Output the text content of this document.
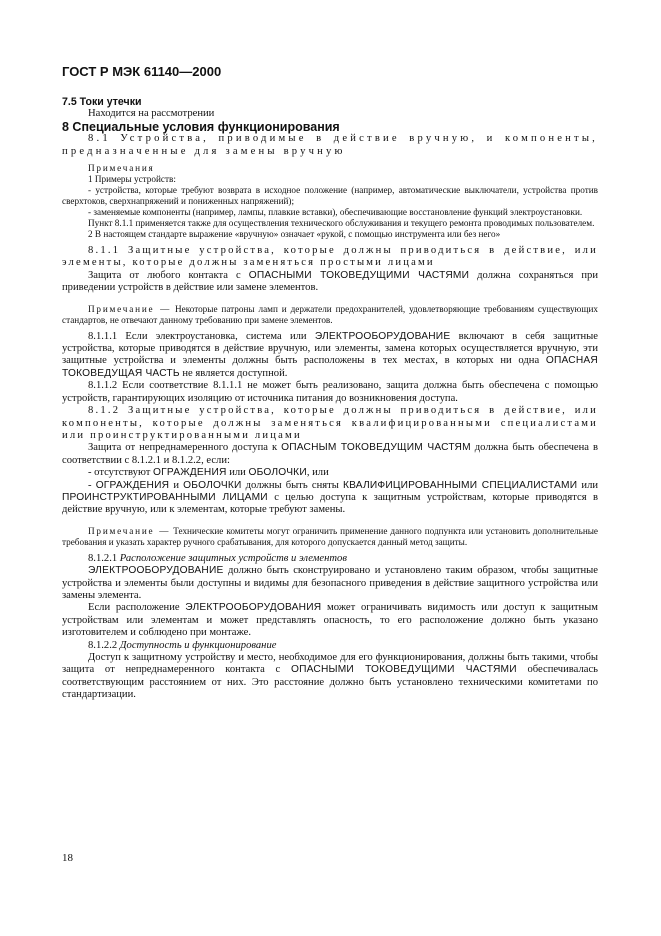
ГОСТ Р МЭК 61140—2000

7.5 Токи утечки

Находится на рассмотрении

8 Специальные условия функционирования

8.1 Устройства, приводимые в действие вручную, и компоненты, предназначенные для замены вручную

Примечания

1 Примеры устройств:

- устройства, которые требуют возврата в исходное положение (например, автоматические выключатели, устройства против сверхтоков, сверхнапряжений и пониженных напряжений);

- заменяемые компоненты (например, лампы, плавкие вставки), обеспечивающие восстановление функций электроустановки.

Пункт 8.1.1 применяется также для осуществления технического обслуживания и текущего ремонта проводимых пользователем.

2 В настоящем стандарте выражение «вручную» означает «рукой, с помощью инструмента или без него»

8.1.1 Защитные устройства, которые должны приводиться в действие, или элементы, которые должны заменяться простыми лицами

Защита от любого контакта с ОПАСНЫМИ ТОКОВЕДУЩИМИ ЧАСТЯМИ должна сохраняться при приведении устройств в действие или замене элементов.

Примечание — Некоторые патроны ламп и держатели предохранителей, удовлетворяющие требованиям существующих стандартов, не отвечают данному требованию при замене элементов.

8.1.1.1 Если электроустановка, система или ЭЛЕКТРООБОРУДОВАНИЕ включают в себя защитные устройства, которые приводятся в действие вручную, или элементы, замена которых осуществляется вручную, эти защитные устройства и элементы должны быть расположены в тех местах, в которых ни одна ОПАСНАЯ ТОКОВЕДУЩАЯ ЧАСТЬ не является доступной.

8.1.1.2 Если соответствие 8.1.1.1 не может быть реализовано, защита должна быть обеспечена с помощью устройств, гарантирующих изоляцию от источника питания до возникновения доступа.

8.1.2 Защитные устройства, которые должны приводиться в действие, или компоненты, которые должны заменяться квалифицированными специалистами или проинструктированными лицами

Защита от непреднамеренного доступа к ОПАСНЫМ ТОКОВЕДУЩИМ ЧАСТЯМ должна быть обеспечена в соответствии с 8.1.2.1 и 8.1.2.2, если:

- отсутствуют ОГРАЖДЕНИЯ или ОБОЛОЧКИ, или

- ОГРАЖДЕНИЯ и ОБОЛОЧКИ должны быть сняты КВАЛИФИЦИРОВАННЫМИ СПЕЦИАЛИСТАМИ или ПРОИНСТРУКТИРОВАННЫМИ ЛИЦАМИ с целью доступа к защитным устройствам, которые приводятся в действие вручную, или к элементам, которые требуют замены.

Примечание — Технические комитеты могут ограничить применение данного подпункта или установить дополнительные требования и указать характер ручного срабатывания, для которого допускается данный метод защиты.

8.1.2.1 Расположение защитных устройств и элементов

ЭЛЕКТРООБОРУДОВАНИЕ должно быть сконструировано и установлено таким образом, чтобы защитные устройства и элементы были доступны и видимы для безопасного приведения в действие защитного устройства или замены элемента.

Если расположение ЭЛЕКТРООБОРУДОВАНИЯ может ограничивать видимость или доступ к защитным устройствам или элементам и может представлять опасность, то его расположение должно быть указано изготовителем и соблюдено при монтаже.

8.1.2.2 Доступность и функционирование

Доступ к защитному устройству и место, необходимое для его функционирования, должны быть такими, чтобы защита от непреднамеренного контакта с ОПАСНЫМИ ТОКОВЕДУЩИМИ ЧАСТЯМИ обеспечивалась соответствующим расстоянием от них. Это расстояние должно быть установлено техническими комитетами по стандартизации.

18
